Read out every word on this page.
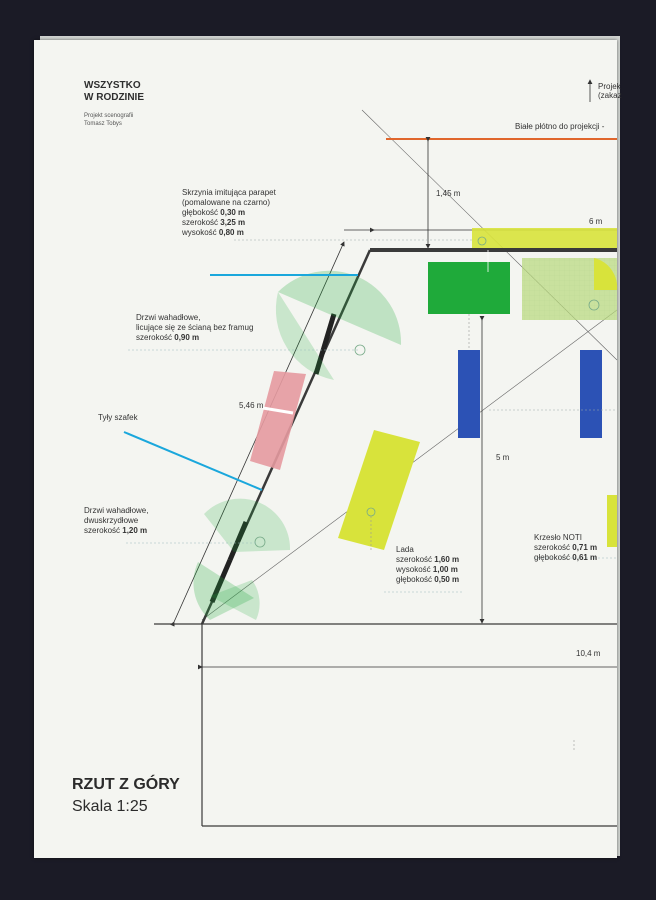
1,45 m
6 m
5,46 m
5 m
10,4 m
WSZYSTKO
W RODZINIE
Projekt scenografii
Tomasz Tobys
Projek
(zakaz
Białe płótno do projekcji -
Skrzynia imitująca parapet
(pomalowane na czarno)
głębokość 0,30 m
szerokość 3,25 m
wysokość 0,80 m
Drzwi wahadłowe,
licujące się ze ścianą bez framug
szerokość 0,90 m
Tyły szafek
Drzwi wahadłowe,
dwuskrzydłowe
szerokość 1,20 m
Lada
szerokość 1,60 m
wysokość 1,00 m
głębokość 0,50 m
Krzesło NOTI
szerokość 0,71 m
głębokość 0,61 m
RZUT Z GÓRY
Skala 1:25
